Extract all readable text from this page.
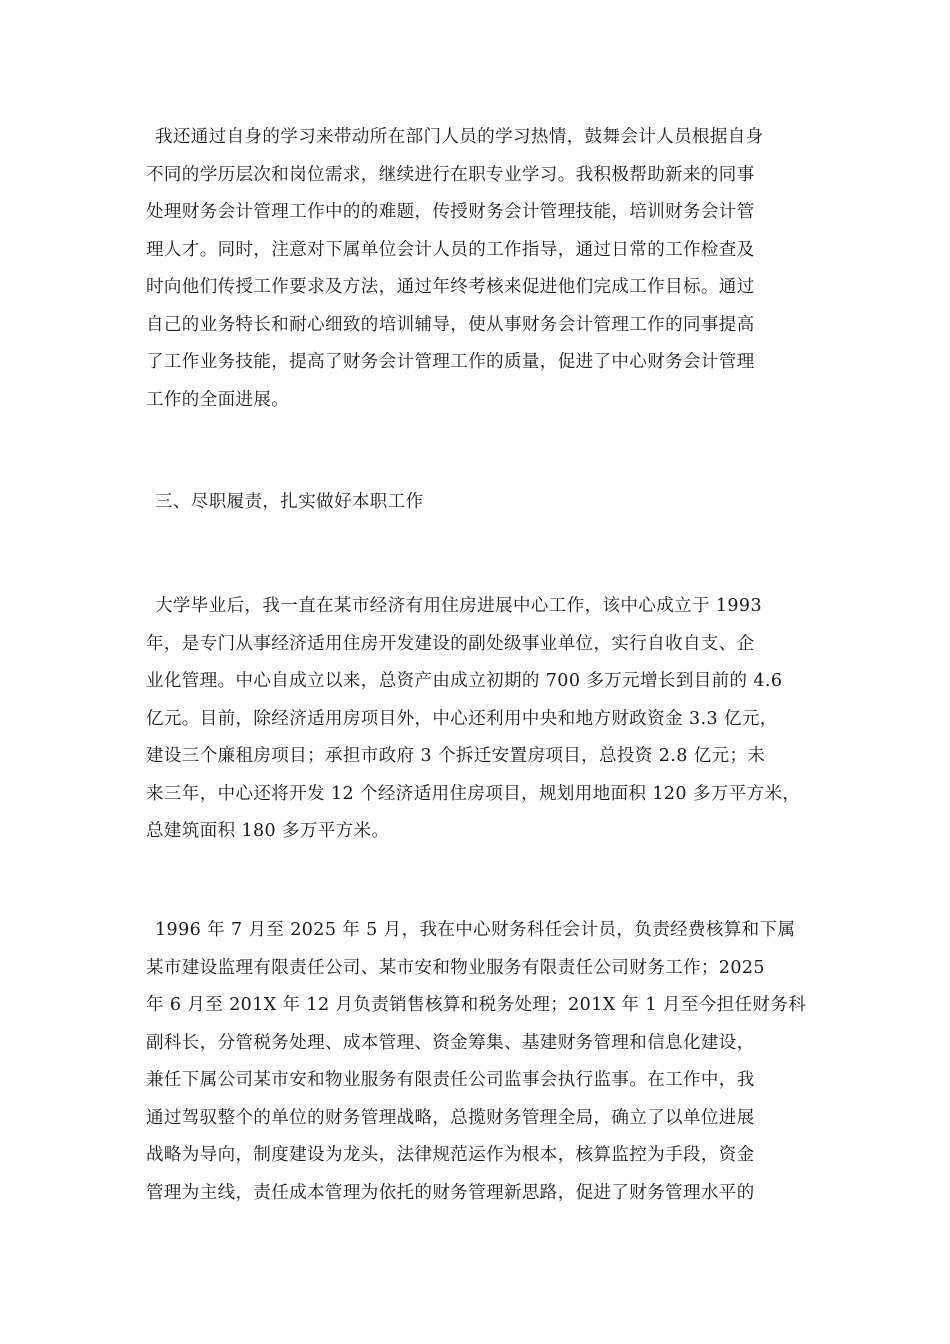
我还通过自身的学习来带动所在部门人员的学习热情，鼓舞会计人员根据自身
不同的学历层次和岗位需求，继续进行在职专业学习。我积极帮助新来的同事
处理财务会计管理工作中的的难题，传授财务会计管理技能，培训财务会计管
理人才。同时，注意对下属单位会计人员的工作指导，通过日常的工作检查及
时向他们传授工作要求及方法，通过年终考核来促进他们完成工作目标。通过
自己的业务特长和耐心细致的培训辅导，使从事财务会计管理工作的同事提高
了工作业务技能，提高了财务会计管理工作的质量，促进了中心财务会计管理
工作的全面进展。
三、尽职履责，扎实做好本职工作
大学毕业后，我一直在某市经济有用住房进展中心工作，该中心成立于 1993
年，是专门从事经济适用住房开发建设的副处级事业单位，实行自收自支、企
业化管理。中心自成立以来，总资产由成立初期的 700 多万元增长到目前的 4.6
亿元。目前，除经济适用房项目外，中心还利用中央和地方财政资金 3.3 亿元，
建设三个廉租房项目；承担市政府 3 个拆迁安置房项目，总投资 2.8 亿元；未
来三年，中心还将开发 12 个经济适用住房项目，规划用地面积 120 多万平方米，
总建筑面积 180 多万平方米。
1996 年 7 月至 2025 年 5 月，我在中心财务科任会计员，负责经费核算和下属
某市建设监理有限责任公司、某市安和物业服务有限责任公司财务工作；2025
年 6 月至 201X 年 12 月负责销售核算和税务处理；201X 年 1 月至今担任财务科
副科长，分管税务处理、成本管理、资金筹集、基建财务管理和信息化建设，
兼任下属公司某市安和物业服务有限责任公司监事会执行监事。在工作中，我
通过驾驭整个的单位的财务管理战略，总揽财务管理全局，确立了以单位进展
战略为导向，制度建设为龙头，法律规范运作为根本，核算监控为手段，资金
管理为主线，责任成本管理为依托的财务管理新思路，促进了财务管理水平的
